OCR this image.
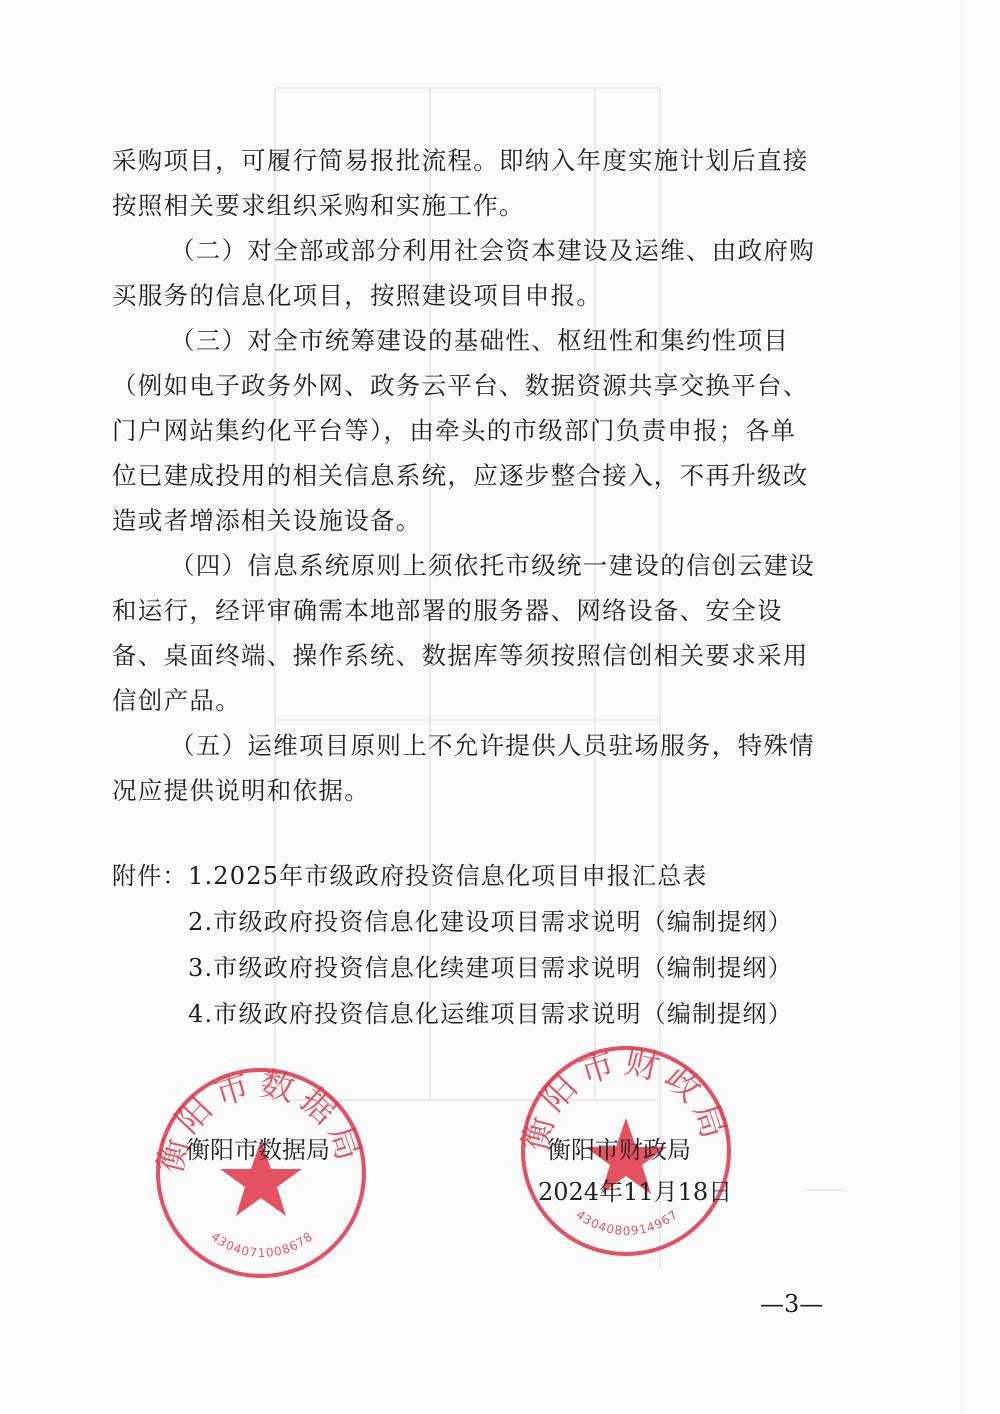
采购项目，可履行简易报批流程。即纳入年度实施计划后直接
按照相关要求组织采购和实施工作。
（二）对全部或部分利用社会资本建设及运维、由政府购
买服务的信息化项目，按照建设项目申报。
（三）对全市统筹建设的基础性、枢纽性和集约性项目
（例如电子政务外网、政务云平台、数据资源共享交换平台、
门户网站集约化平台等），由牵头的市级部门负责申报；各单
位已建成投用的相关信息系统，应逐步整合接入，不再升级改
造或者增添相关设施设备。
（四）信息系统原则上须依托市级统一建设的信创云建设
和运行，经评审确需本地部署的服务器、网络设备、安全设
备、桌面终端、操作系统、数据库等须按照信创相关要求采用
信创产品。
（五）运维项目原则上不允许提供人员驻场服务，特殊情
况应提供说明和依据。
附件： 1.2025年市级政府投资信息化项目申报汇总表
2.市级政府投资信息化建设项目需求说明（编制提纲）
3.市级政府投资信息化续建项目需求说明（编制提纲）
4.市级政府投资信息化运维项目需求说明（编制提纲）
衡阳市数据局
4304071008678
衡阳市财政局
4304080914967
衡阳市数据局	衡阳市财政局
2024年11月18日
—3—
